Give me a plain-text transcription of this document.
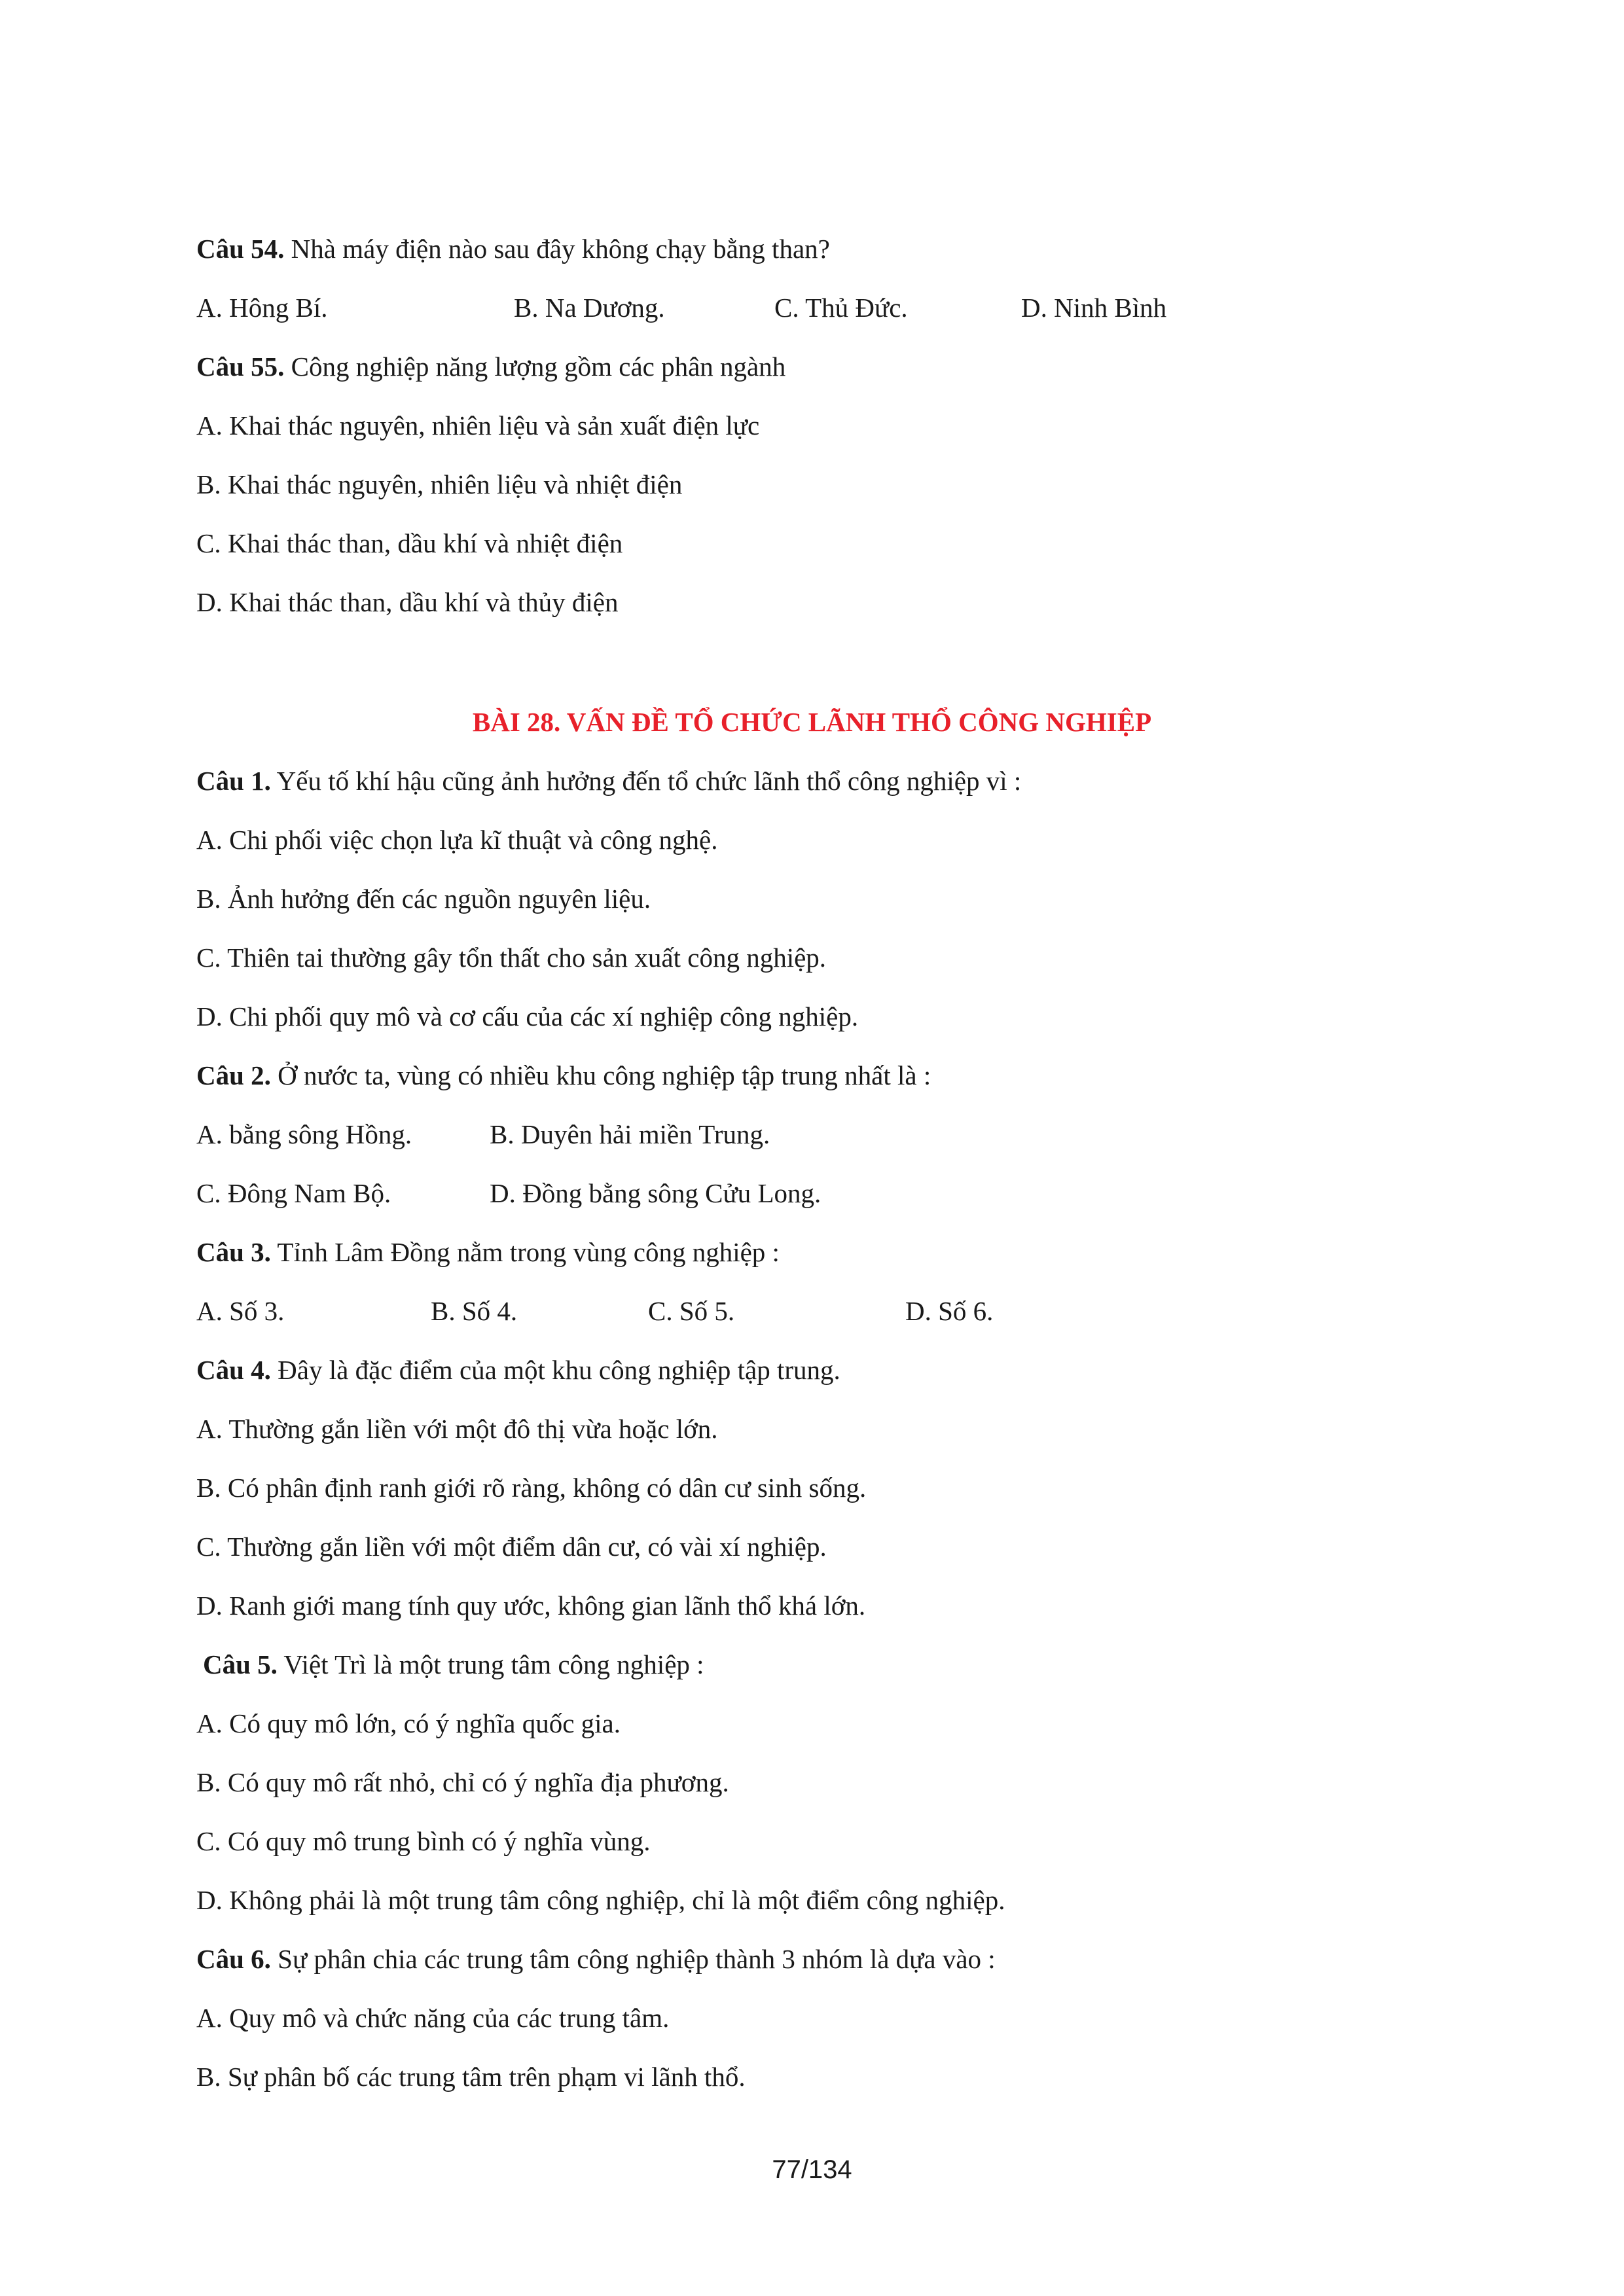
Câu 54. Nhà máy điện nào sau đây không chạy bằng than?
A. Hông Bí.	B. Na Dương.	C. Thủ Đức.	D. Ninh Bình
Câu 55. Công nghiệp năng lượng gồm các phân ngành
A. Khai thác nguyên, nhiên liệu và sản xuất điện lực
B. Khai thác nguyên, nhiên liệu và nhiệt điện
C. Khai thác than, dầu khí và nhiệt điện
D. Khai thác than, dầu khí và thủy điện
BÀI 28. VẤN ĐỀ TỔ CHỨC LÃNH THỔ CÔNG NGHIỆP
Câu 1. Yếu tố khí hậu cũng ảnh hưởng đến tổ chức lãnh thổ công nghiệp vì :
A. Chi phối việc chọn lựa kĩ thuật và công nghệ.
B. Ảnh hưởng đến các nguồn nguyên liệu.
C. Thiên tai thường gây tổn thất cho sản xuất công nghiệp.
D. Chi phối quy mô và cơ cấu của các xí nghiệp công nghiệp.
Câu 2. Ở nước ta, vùng có nhiều khu công nghiệp tập trung nhất là :
A. bằng sông Hồng.	B. Duyên hải miền Trung.
C. Đông Nam Bộ.	D. Đồng bằng sông Cửu Long.
Câu 3. Tỉnh Lâm Đồng nằm trong vùng công nghiệp :
A. Số 3.	B. Số 4.	C. Số 5.	D. Số 6.
Câu 4. Đây là đặc điểm của một khu công nghiệp tập trung.
A. Thường gắn liền với một đô thị vừa hoặc lớn.
B. Có phân định ranh giới rõ ràng, không có dân cư sinh sống.
C. Thường gắn liền với một điểm dân cư, có vài xí nghiệp.
D. Ranh giới mang tính quy ước, không gian lãnh thổ khá lớn.
Câu 5. Việt Trì là một trung tâm công nghiệp :
A. Có quy mô lớn, có ý nghĩa quốc gia.
B. Có quy mô rất nhỏ, chỉ có ý nghĩa địa phương.
C. Có quy mô trung bình có ý nghĩa vùng.
D. Không phải là một trung tâm công nghiệp, chỉ là một điểm công nghiệp.
Câu 6. Sự phân chia các trung tâm công nghiệp thành 3 nhóm là dựa vào :
A. Quy mô và chức năng của các trung tâm.
B. Sự phân bố các trung tâm trên phạm vi lãnh thổ.
77/134
